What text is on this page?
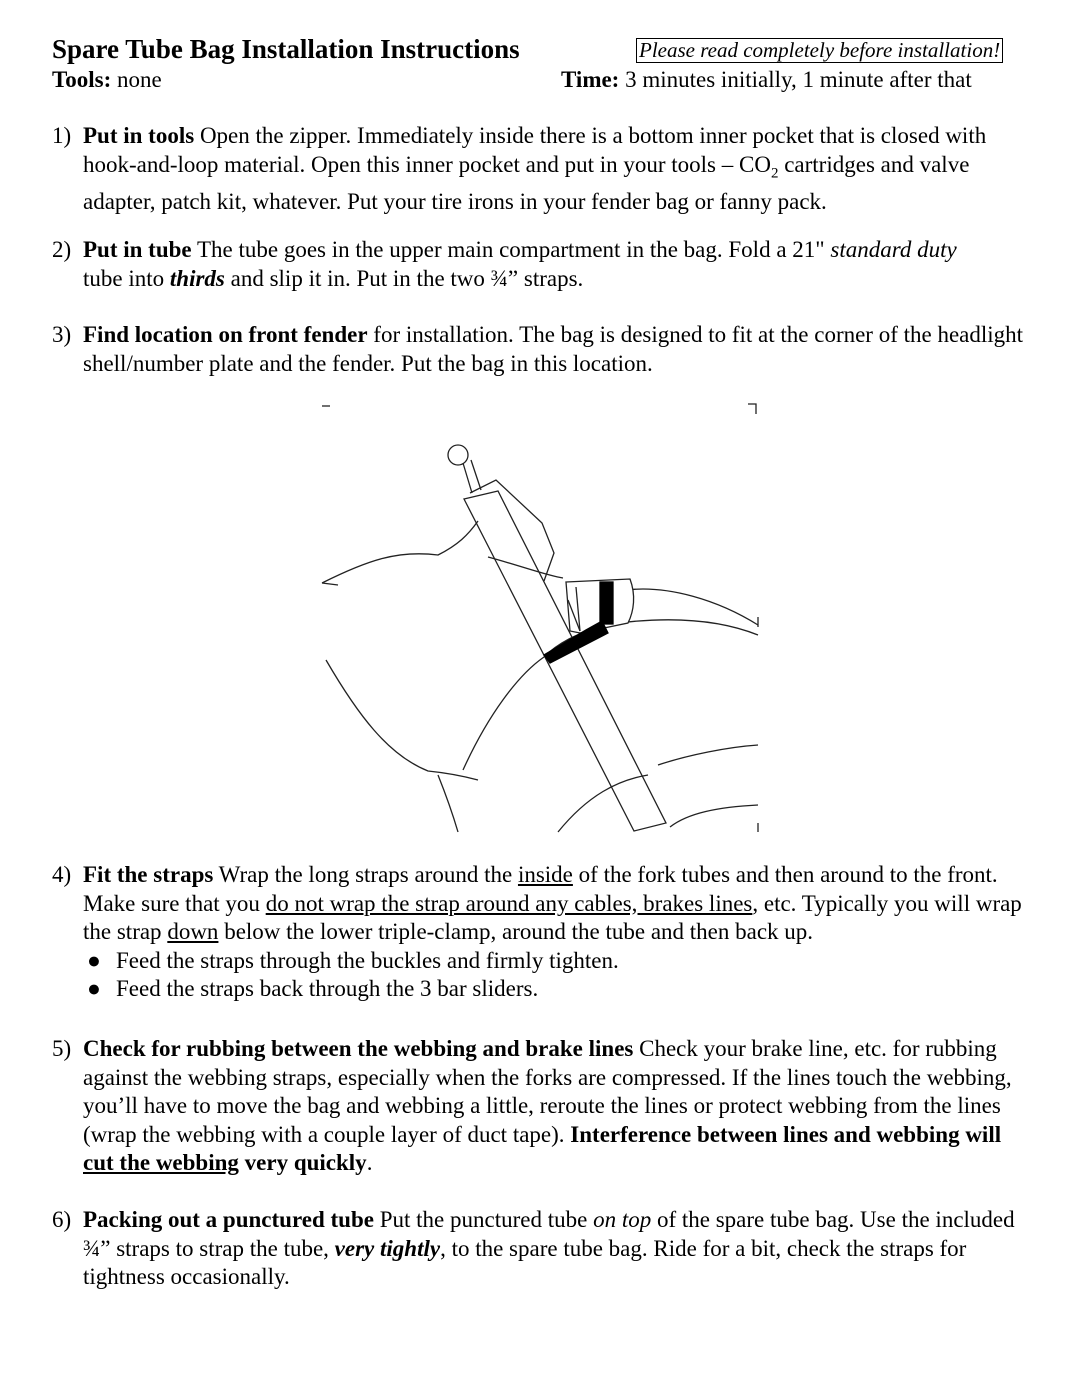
Spare Tube Bag Installation Instructions	Please read completely before installation!
Tools: none	Time: 3 minutes initially, 1 minute after that
1) Put in tools Open the zipper. Immediately inside there is a bottom inner pocket that is closed with hook-and-loop material. Open this inner pocket and put in your tools – $CO_2$ cartridges and valve adapter, patch kit, whatever. Put your tire irons in your fender bag or fanny pack.
2) Put in tube The tube goes in the upper main compartment in the bag. Fold a 21" standard duty
tube into thirds and slip it in. Put in the two ¾” straps.
3) Find location on front fender for installation. The bag is designed to fit at the corner of the headlight shell/number plate and the fender. Put the bag in this location.
4) Fit the straps Wrap the long straps around the inside of the fork tubes and then around to the front. Make sure that you do not wrap the strap around any cables, brakes lines, etc. Typically you will wrap the strap down below the lower triple-clamp, around the tube and then back up.
● Feed the straps through the buckles and firmly tighten.
● Feed the straps back through the 3 bar sliders.
5) Check for rubbing between the webbing and brake lines Check your brake line, etc. for rubbing against the webbing straps, especially when the forks are compressed. If the lines touch the webbing, you’ll have to move the bag and webbing a little, reroute the lines or protect webbing from the lines (wrap the webbing with a couple layer of duct tape). Interference between lines and webbing will cut the webbing very quickly.
6) Packing out a punctured tube Put the punctured tube on top of the spare tube bag. Use the included ¾” straps to strap the tube, very tightly, to the spare tube bag. Ride for a bit, check the straps for tightness occasionally.
